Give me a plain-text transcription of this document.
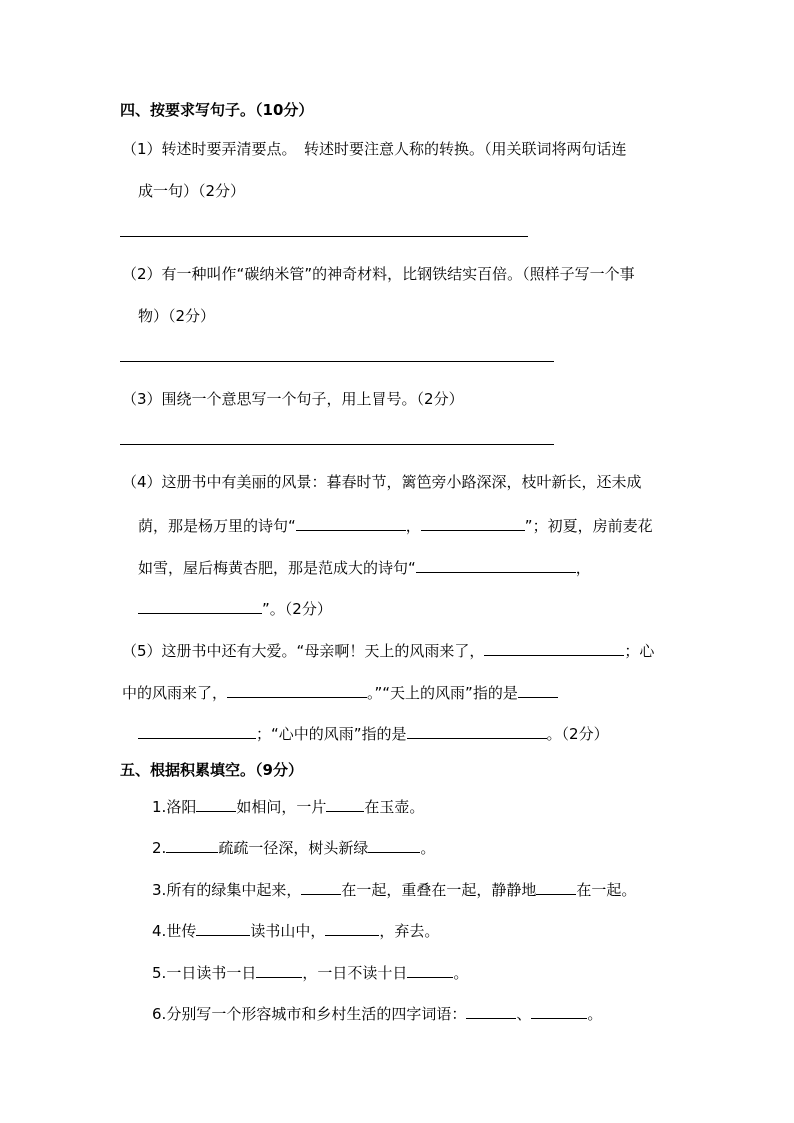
四、按要求写句子。（10分）
（1）转述时要弄清要点。　转述时要注意人称的转换。（用关联词将两句话连
成一句）（2分）
（2）有一种叫作“碳纳米管”的神奇材料，比钢铁结实百倍。（照样子写一个事
物）（2分）
（3）围绕一个意思写一个句子，用上冒号。（2分）
（4）这册书中有美丽的风景：暮春时节，篱笆旁小路深深，枝叶新长，还未成
荫，那是杨万里的诗句“	，	”；初夏，房前麦花
如雪，屋后梅黄杏肥，那是范成大的诗句“	，
”。（2分）
（5）这册书中还有大爱。“母亲啊！天上的风雨来了，	；心
中的风雨来了，	。”“天上的风雨”指的是
；“心中的风雨”指的是	。（2分）
五、根据积累填空。（9分）
1.洛阳	如相问，一片	在玉壶。
2.	疏疏一径深，树头新绿	。
3.所有的绿集中起来，	在一起，重叠在一起，静静地	在一起。
4.世传	读书山中，	，弃去。
5.一日读书一日	，一日不读十日	。
6.分别写一个形容城市和乡村生活的四字词语：	、	。
